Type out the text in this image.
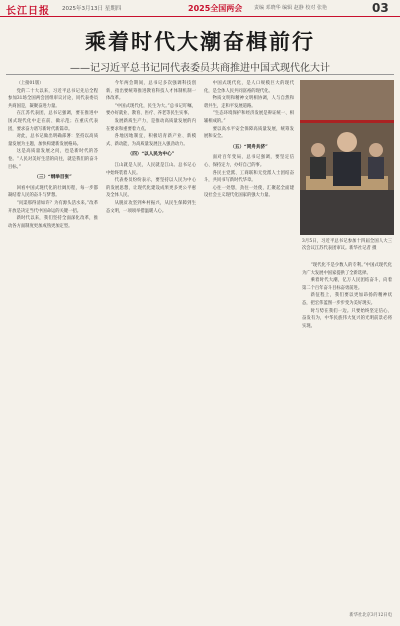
长江日报 2025年3月13日 星期四	2025全国两会 责编 邓晓华 编辑 赵静 校对 张艳	03
乘着时代大潮奋楫前行
——记习近平总书记同代表委员共商推进中国式现代化大计

（上接01版）

党的二十大以来，习近平总书记先后全程参加31场全国两会团组审议讨论，同代表委员共商国是，凝聚奋进力量。

在江苏代表团，总书记强调，要在推进中国式现代化中走在前、做示范；在重庆代表团，要求奋力谱写新时代新篇章。

对此，总书记做出明确部署：坚持以高质量发展为主题，加快构建新发展格局。

这是高质量发展之问，也是新时代的答卷。“人民对美好生活的向往，就是我们的奋斗目标。”

（三）“纲举目张”

回看中国式现代化的壮阔历程，每一步都凝结着人民的奋斗与梦想。

“问渠那得清如许？为有源头活水来。”改革开放是决定当代中国命运的关键一招。

新时代以来，我们坚持全面深化改革，推动各方面制度更加成熟更加定型。

今年两会期间，总书记多次强调科技创新，指出要统筹推进教育科技人才体制机制一体改革。

“中国式现代化，民生为大。”总书记叮嘱，要办好就业、教育、医疗、养老等民生实事。

发展新质生产力，是推动高质量发展的内在要求和重要着力点。

各地因地制宜，积极培育新产业、新模式、新动能，为高质量发展注入强劲动力。

（四）“以人民为中心”

江山就是人民，人民就是江山。总书记心中始终装着人民。

代表委员纷纷表示，要坚持以人民为中心的发展思想，让现代化建设成果更多更公平惠及全体人民。

从脱贫攻坚到乡村振兴，从民生保障到生态文明，一项项举措温暖人心。

中国式现代化，是人口规模巨大的现代化，是全体人民共同富裕的现代化。

物质文明和精神文明相协调，人与自然和谐共生，走和平发展道路。

“生态环境保护和经济发展是辩证统一、相辅相成的。”

要以高水平安全保障高质量发展，统筹发展和安全。

（五）“同舟共济”

面对百年变局，总书记强调，要坚定信心、保持定力，办好自己的事。

各民主党派、工商联和无党派人士团结奋斗，共同书写新时代华章。

心往一处想，劲往一处使，汇聚起全面建设社会主义现代化国家的强大力量。

3月5日，习近平总书记参加十四届全国人大三次会议江苏代表团审议。新华社记者 摄

“现代化不是少数人的专利。”中国式现代化为广大发展中国家提供了全新选择。

乘着时代大潮，亿万人民团结奋斗，向着第二个百年奋斗目标奋勇前进。

新征程上，我们要以更加昂扬的精神状态，把宏伟蓝图一步步变为美好现实。

时与势在我们一边。只要始终坚定信心、奋发有为，中华民族伟大复兴的光明前景必将实现。

新华社北京3月12日电
